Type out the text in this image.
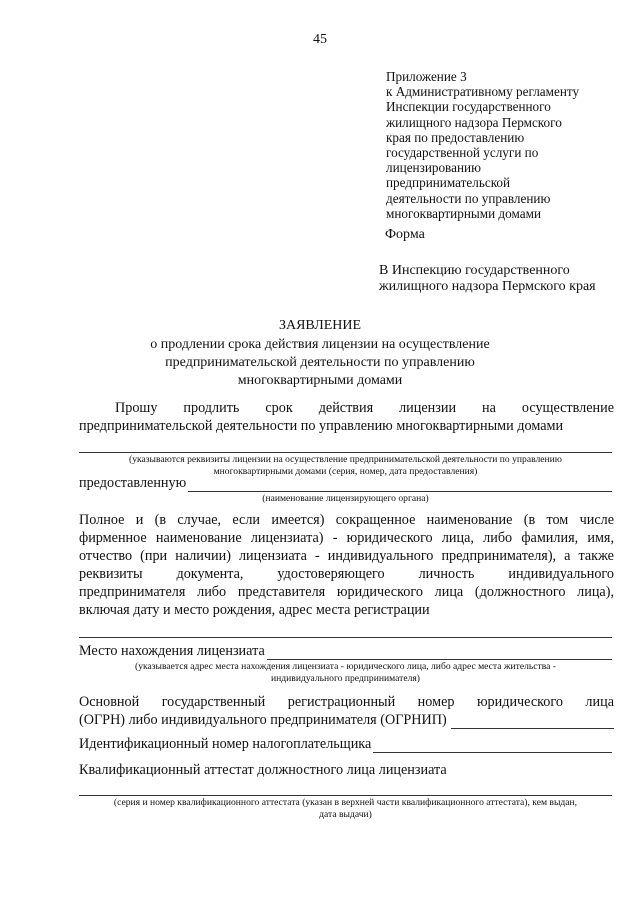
45
Приложение 3
к Административному регламенту
Инспекции государственного
жилищного надзора Пермского
края по предоставлению
государственной услуги по
лицензированию
предпринимательской
деятельности по управлению
многоквартирными домами
Форма
В Инспекцию государственного
жилищного надзора Пермского края
ЗАЯВЛЕНИЕ
о продлении срока действия лицензии на осуществление
предпринимательской деятельности по управлению
многоквартирными домами
Прошу продлить срок действия лицензии на осуществление
предпринимательской деятельности по управлению многоквартирными домами
(указываются реквизиты лицензии на осуществление предпринимательской деятельности по управлению
многоквартирными домами (серия, номер, дата предоставления)
предоставленную
(наименование лицензирующего органа)
Полное и (в случае, если имеется) сокращенное наименование (в том числе
фирменное наименование лицензиата) - юридического лица, либо фамилия, имя,
отчество (при наличии) лицензиата - индивидуального предпринимателя), а также
реквизиты документа, удостоверяющего личность индивидуального
предпринимателя либо представителя юридического лица (должностного лица),
включая дату и место рождения, адрес места регистрации
Место нахождения лицензиата
(указывается адрес места нахождения лицензиата - юридического лица, либо адрес места жительства -
индивидуального предпринимателя)
Основной государственный регистрационный номер юридического лица
(ОГРН) либо индивидуального предпринимателя (ОГРНИП)
Идентификационный номер налогоплательщика
Квалификационный аттестат должностного лица лицензиата
(серия и номер квалификационного аттестата (указан в верхней части квалификационного аттестата), кем выдан,
дата выдачи)
